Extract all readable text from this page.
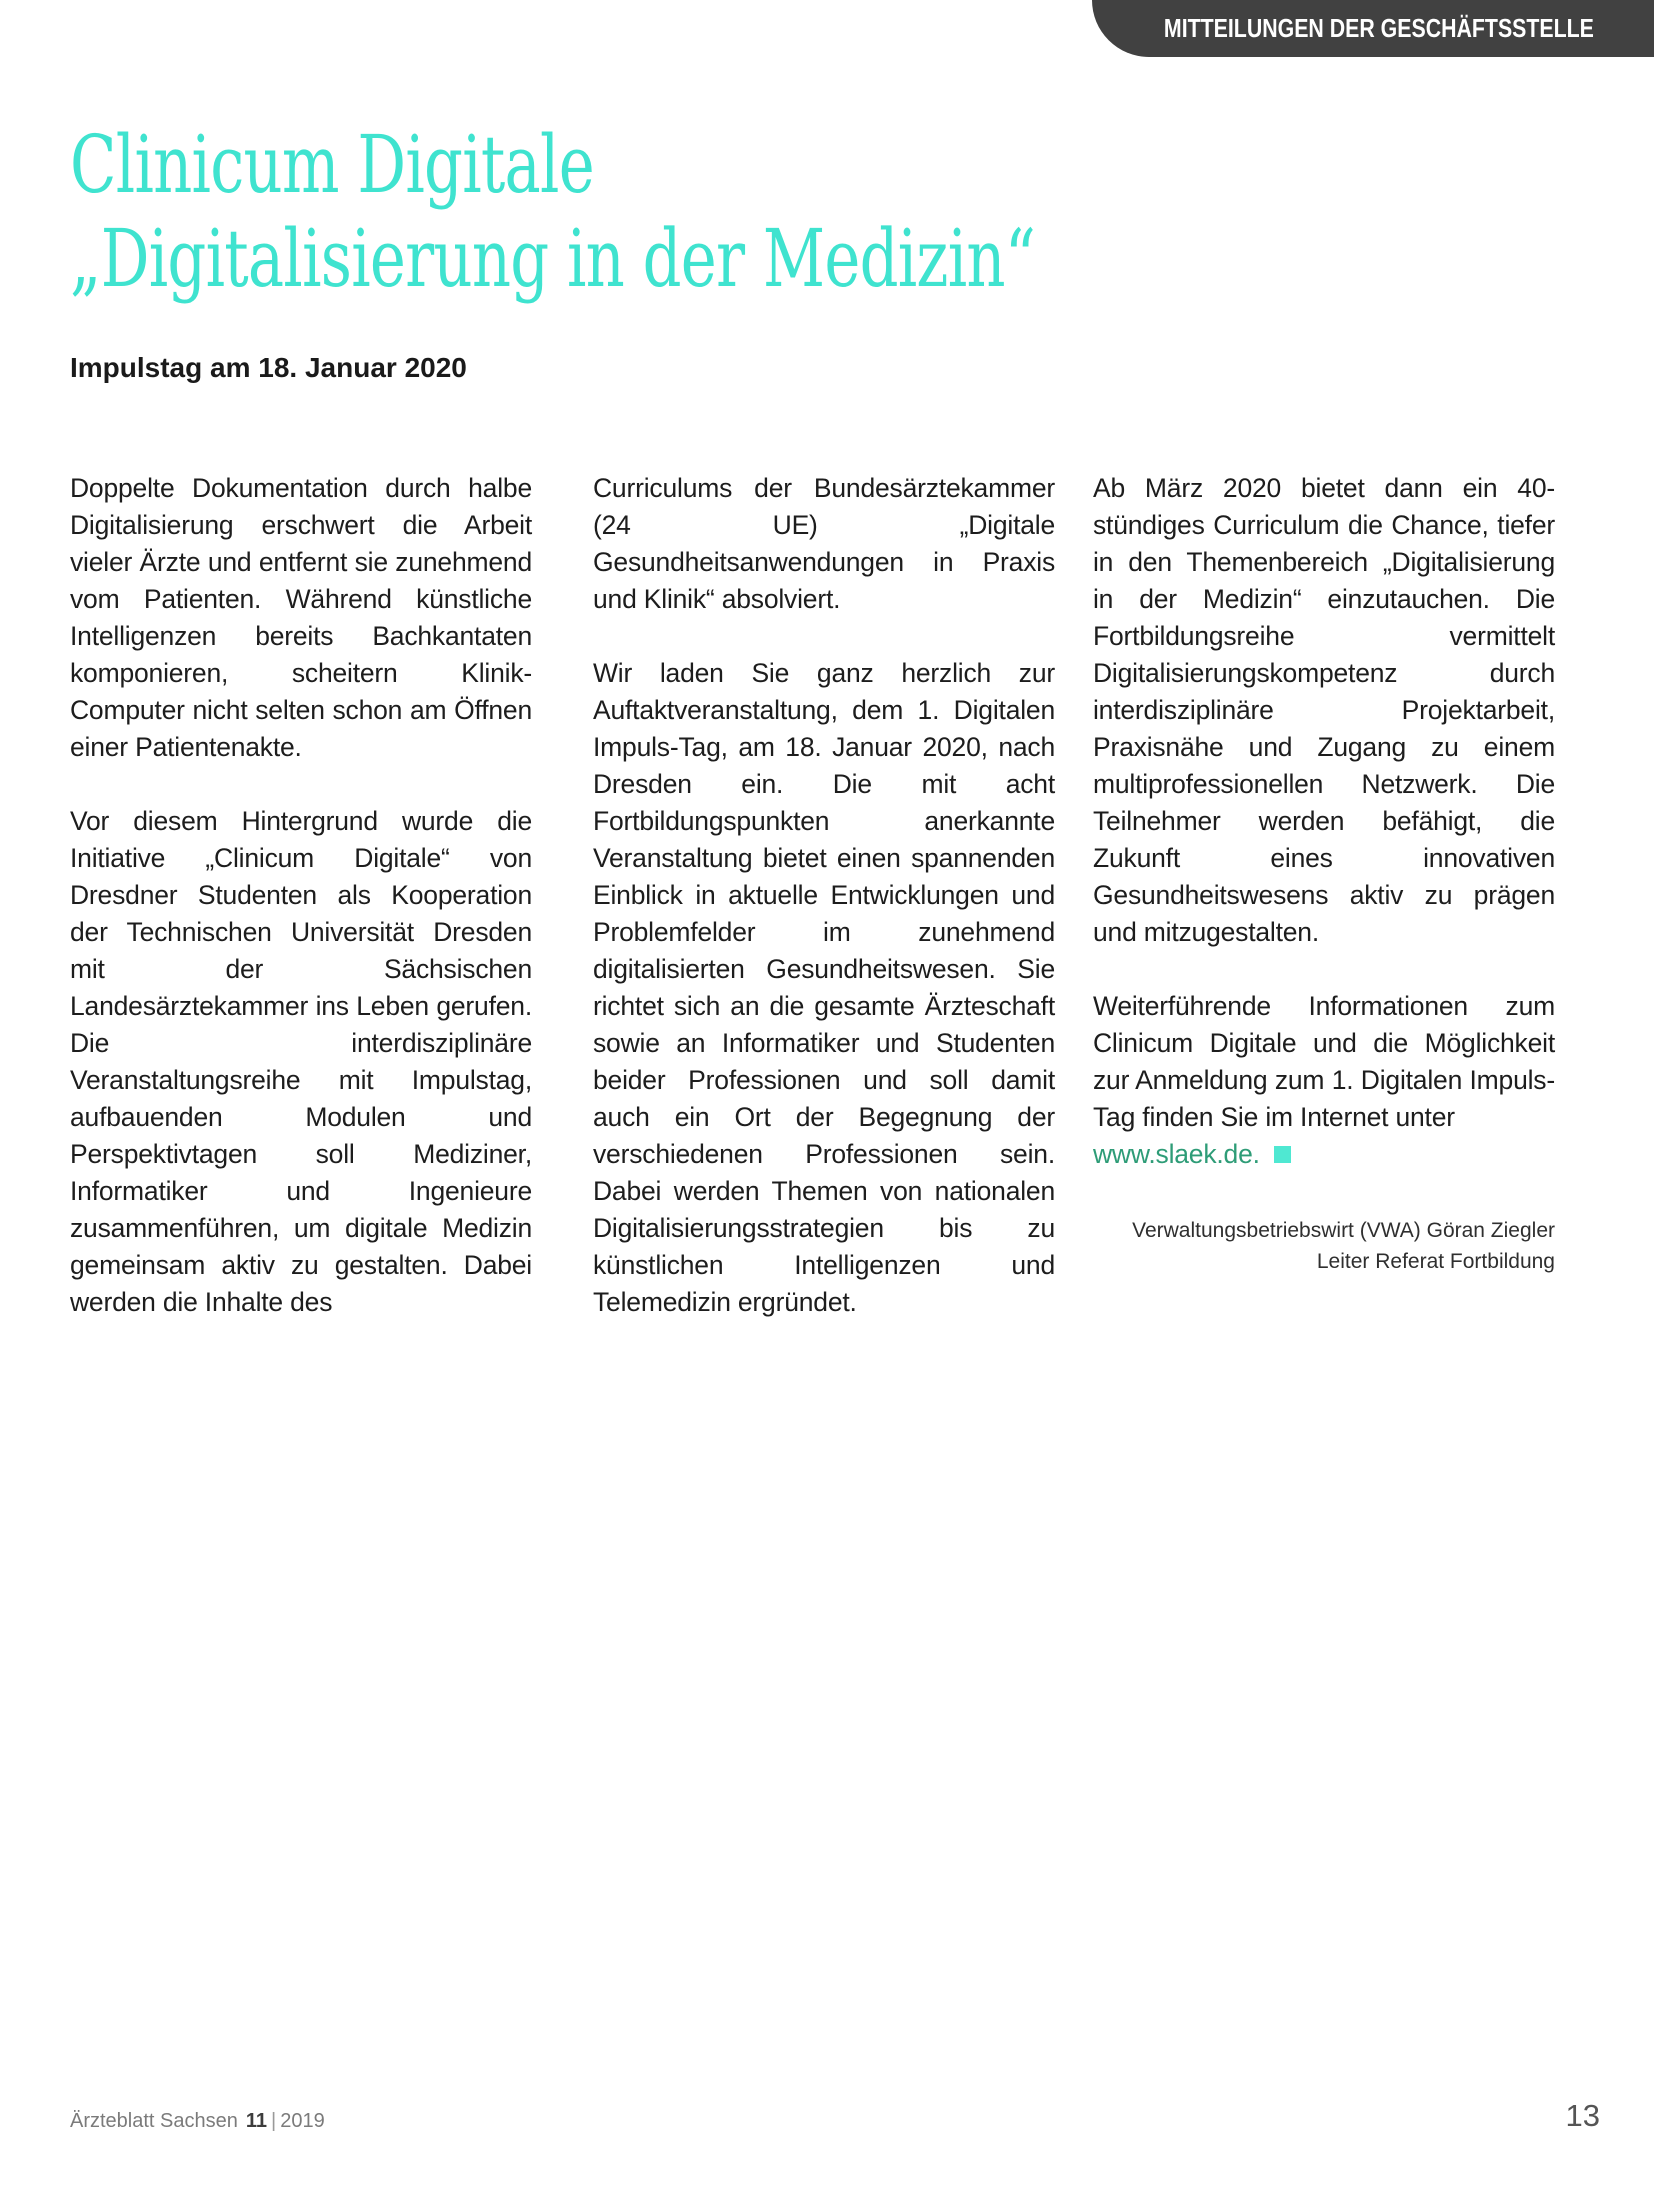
MITTEILUNGEN DER GESCHÄFTSSTELLE
Clinicum Digitale
„Digitalisierung in der Medizin“
Impulstag am 18. Januar 2020

Doppelte Dokumentation durch halbe Digitalisierung erschwert die Arbeit vieler Ärzte und entfernt sie zunehmend vom Patienten. Während künstliche Intelligenzen bereits Bachkantaten komponieren, scheitern Klinik-Computer nicht selten schon am Öffnen einer Patientenakte.

Vor diesem Hintergrund wurde die Initiative „Clinicum Digitale“ von Dresdner Studenten als Kooperation der Technischen Universität Dresden mit der Sächsischen Landesärztekammer ins Leben gerufen. Die interdisziplinäre Veranstaltungsreihe mit Impulstag, aufbauenden Modulen und Perspektivtagen soll Mediziner, Informatiker und Ingenieure zusammenführen, um digitale Medizin gemeinsam aktiv zu gestalten. Dabei werden die Inhalte des

Curriculums der Bundesärztekammer (24 UE) „Digitale Gesundheitsanwendungen in Praxis und Klinik“ absolviert.

Wir laden Sie ganz herzlich zur Auftaktveranstaltung, dem 1. Digitalen Impuls-Tag, am 18. Januar 2020, nach Dresden ein. Die mit acht Fortbildungspunkten anerkannte Veranstaltung bietet einen spannenden Einblick in aktuelle Entwicklungen und Problemfelder im zunehmend digitalisierten Gesundheitswesen. Sie richtet sich an die gesamte Ärzteschaft sowie an Informatiker und Studenten beider Professionen und soll damit auch ein Ort der Begegnung der verschiedenen Professionen sein. Dabei werden Themen von nationalen Digitalisierungsstrategien bis zu künstlichen Intelligenzen und Telemedizin ergründet.

Ab März 2020 bietet dann ein 40-stündiges Curriculum die Chance, tiefer in den Themenbereich „Digitalisierung in der Medizin“ einzutauchen. Die Fortbildungsreihe vermittelt Digitalisierungskompetenz durch interdisziplinäre Projektarbeit, Praxisnähe und Zugang zu einem multiprofessionellen Netzwerk. Die Teilnehmer werden befähigt, die Zukunft eines innovativen Gesundheitswesens aktiv zu prägen und mitzugestalten.

Weiterführende Informationen zum Clinicum Digitale und die Möglichkeit zur Anmeldung zum 1. Digitalen Impuls-Tag finden Sie im Internet unter
www.slaek.de.

Verwaltungsbetriebswirt (VWA) Göran Ziegler
Leiter Referat Fortbildung
Ärzteblatt Sachsen 11 | 2019	13
